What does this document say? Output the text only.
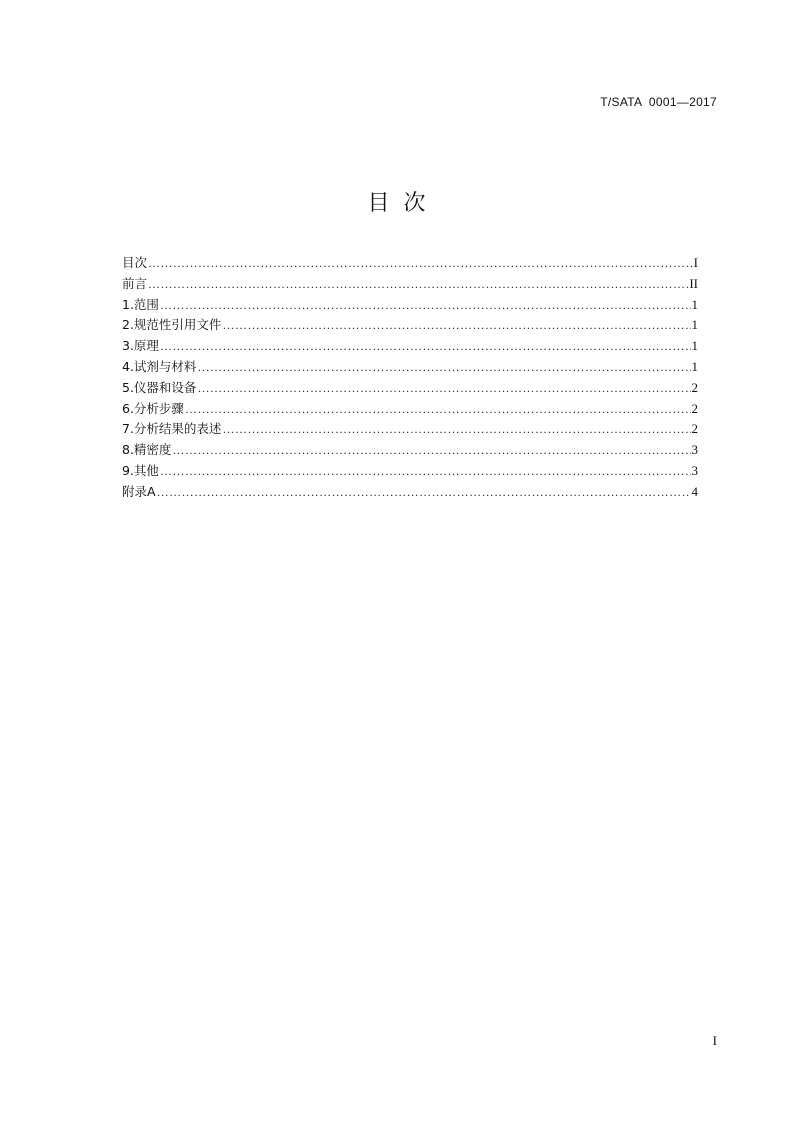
T/SATA  0001—2017
目  次
目次 …………………………………………………………………………………………………………………………………………………………………………………………………………	I
前言 …………………………………………………………………………………………………………………………………………………………………………………………………………	II
1.范围 …………………………………………………………………………………………………………………………………………………………………………………………………………	1
2.规范性引用文件 …………………………………………………………………………………………………………………………………………………………………………………………………………	1
3.原理 …………………………………………………………………………………………………………………………………………………………………………………………………………	1
4.试剂与材料 …………………………………………………………………………………………………………………………………………………………………………………………………………	1
5.仪器和设备 …………………………………………………………………………………………………………………………………………………………………………………………………………	2
6.分析步骤 …………………………………………………………………………………………………………………………………………………………………………………………………………	2
7.分析结果的表述 …………………………………………………………………………………………………………………………………………………………………………………………………………	2
8.精密度 …………………………………………………………………………………………………………………………………………………………………………………………………………	3
9.其他 …………………………………………………………………………………………………………………………………………………………………………………………………………	3
附录A …………………………………………………………………………………………………………………………………………………………………………………………………………	4
I
